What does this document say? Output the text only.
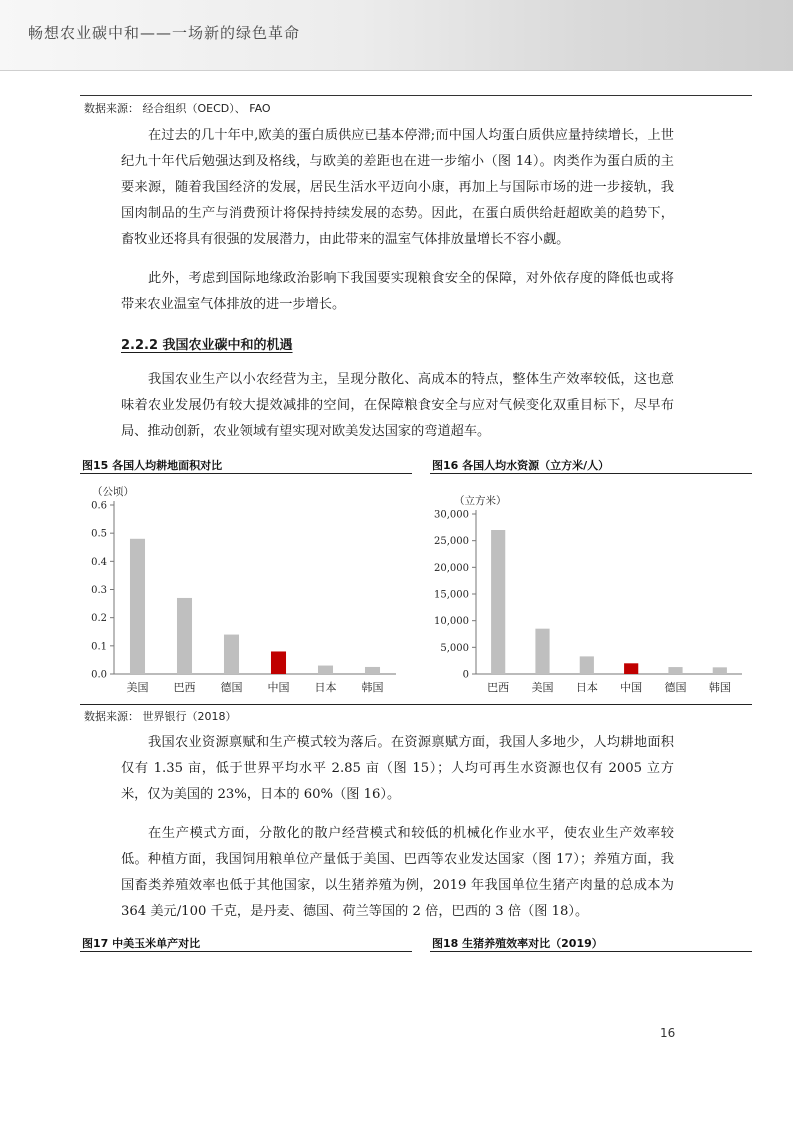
畅想农业碳中和——一场新的绿色革命
数据来源： 经合组织（OECD）、 FAO

在过去的几十年中,欧美的蛋白质供应已基本停滞;而中国人均蛋白质供应量持续增长，上世纪九十年代后勉强达到及格线，与欧美的差距也在进一步缩小（图 14）。肉类作为蛋白质的主要来源，随着我国经济的发展，居民生活水平迈向小康，再加上与国际市场的进一步接轨，我国肉制品的生产与消费预计将保持持续发展的态势。因此，在蛋白质供给赶超欧美的趋势下，畜牧业还将具有很强的发展潜力，由此带来的温室气体排放量增长不容小觑。

此外，考虑到国际地缘政治影响下我国要实现粮食安全的保障，对外依存度的降低也或将带来农业温室气体排放的进一步增长。

2.2.2 我国农业碳中和的机遇

我国农业生产以小农经营为主，呈现分散化、高成本的特点，整体生产效率较低，这也意味着农业发展仍有较大提效减排的空间，在保障粮食安全与应对气候变化双重目标下，尽早布局、推动创新，农业领域有望实现对欧美发达国家的弯道超车。

图15 各国人均耕地面积对比	图16 各国人均水资源（立方米/人）
（公顷）
0.0
0.1
0.2
0.3
0.4
0.5
0.6
美国 巴西 德国 中国 日本 韩国
（立方米）
0
5,000
10,000
15,000
20,000
25,000
30,000
巴西 美国 日本 中国 德国 韩国
数据来源： 世界银行（2018）

我国农业资源禀赋和生产模式较为落后。在资源禀赋方面，我国人多地少，人均耕地面积仅有 1.35 亩，低于世界平均水平 2.85 亩（图 15）；人均可再生水资源也仅有 2005 立方米，仅为美国的 23%，日本的 60%（图 16）。

在生产模式方面，分散化的散户经营模式和较低的机械化作业水平，使农业生产效率较低。种植方面，我国饲用粮单位产量低于美国、巴西等农业发达国家（图 17）；养殖方面，我国畜类养殖效率也低于其他国家，以生猪养殖为例，2019 年我国单位生猪产肉量的总成本为 364 美元/100 千克，是丹麦、德国、荷兰等国的 2 倍，巴西的 3 倍（图 18）。

图17 中美玉米单产对比	图18 生猪养殖效率对比（2019）
16
